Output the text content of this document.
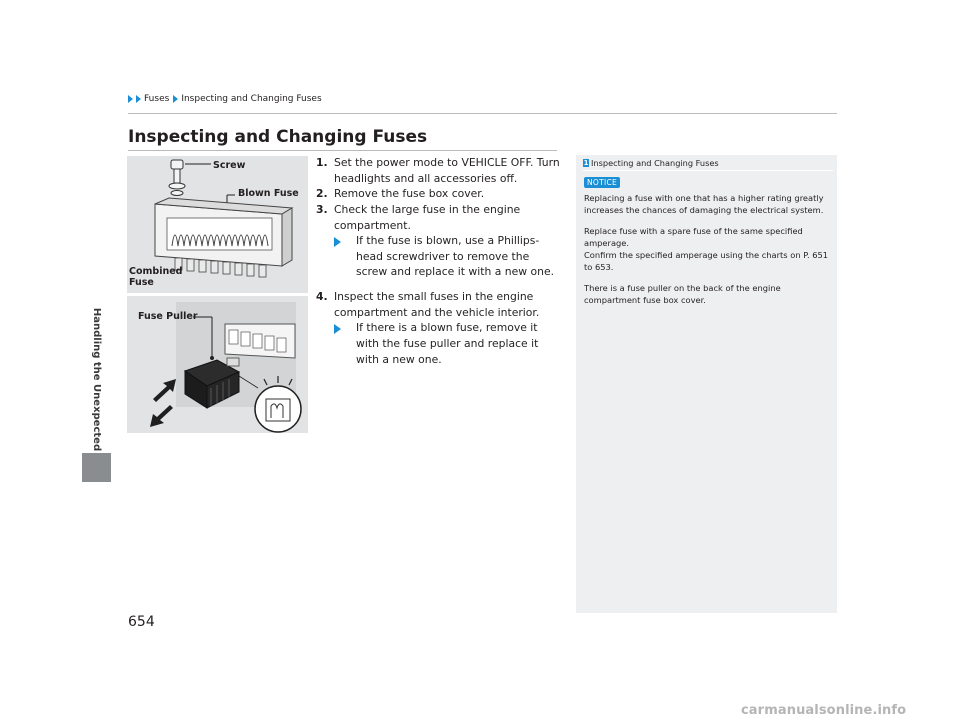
Fuses Inspecting and Changing Fuses
Handling the Unexpected
Inspecting and Changing Fuses
Screw
Blown Fuse
Combined
Fuse
Fuse Puller
1. Set the power mode to VEHICLE OFF. Turn headlights and all accessories off.
2. Remove the fuse box cover.
3. Check the large fuse in the engine compartment.
If the fuse is blown, use a Phillips-head screwdriver to remove the screw and replace it with a new one.
4. Inspect the small fuses in the engine compartment and the vehicle interior.
If there is a blown fuse, remove it with the fuse puller and replace it with a new one.
1 Inspecting and Changing Fuses
NOTICE

Replacing a fuse with one that has a higher rating greatly increases the chances of damaging the electrical system.

Replace fuse with a spare fuse of the same specified amperage.

Confirm the specified amperage using the charts on P. 651 to 653.

There is a fuse puller on the back of the engine compartment fuse box cover.

654
carmanualsonline.info
